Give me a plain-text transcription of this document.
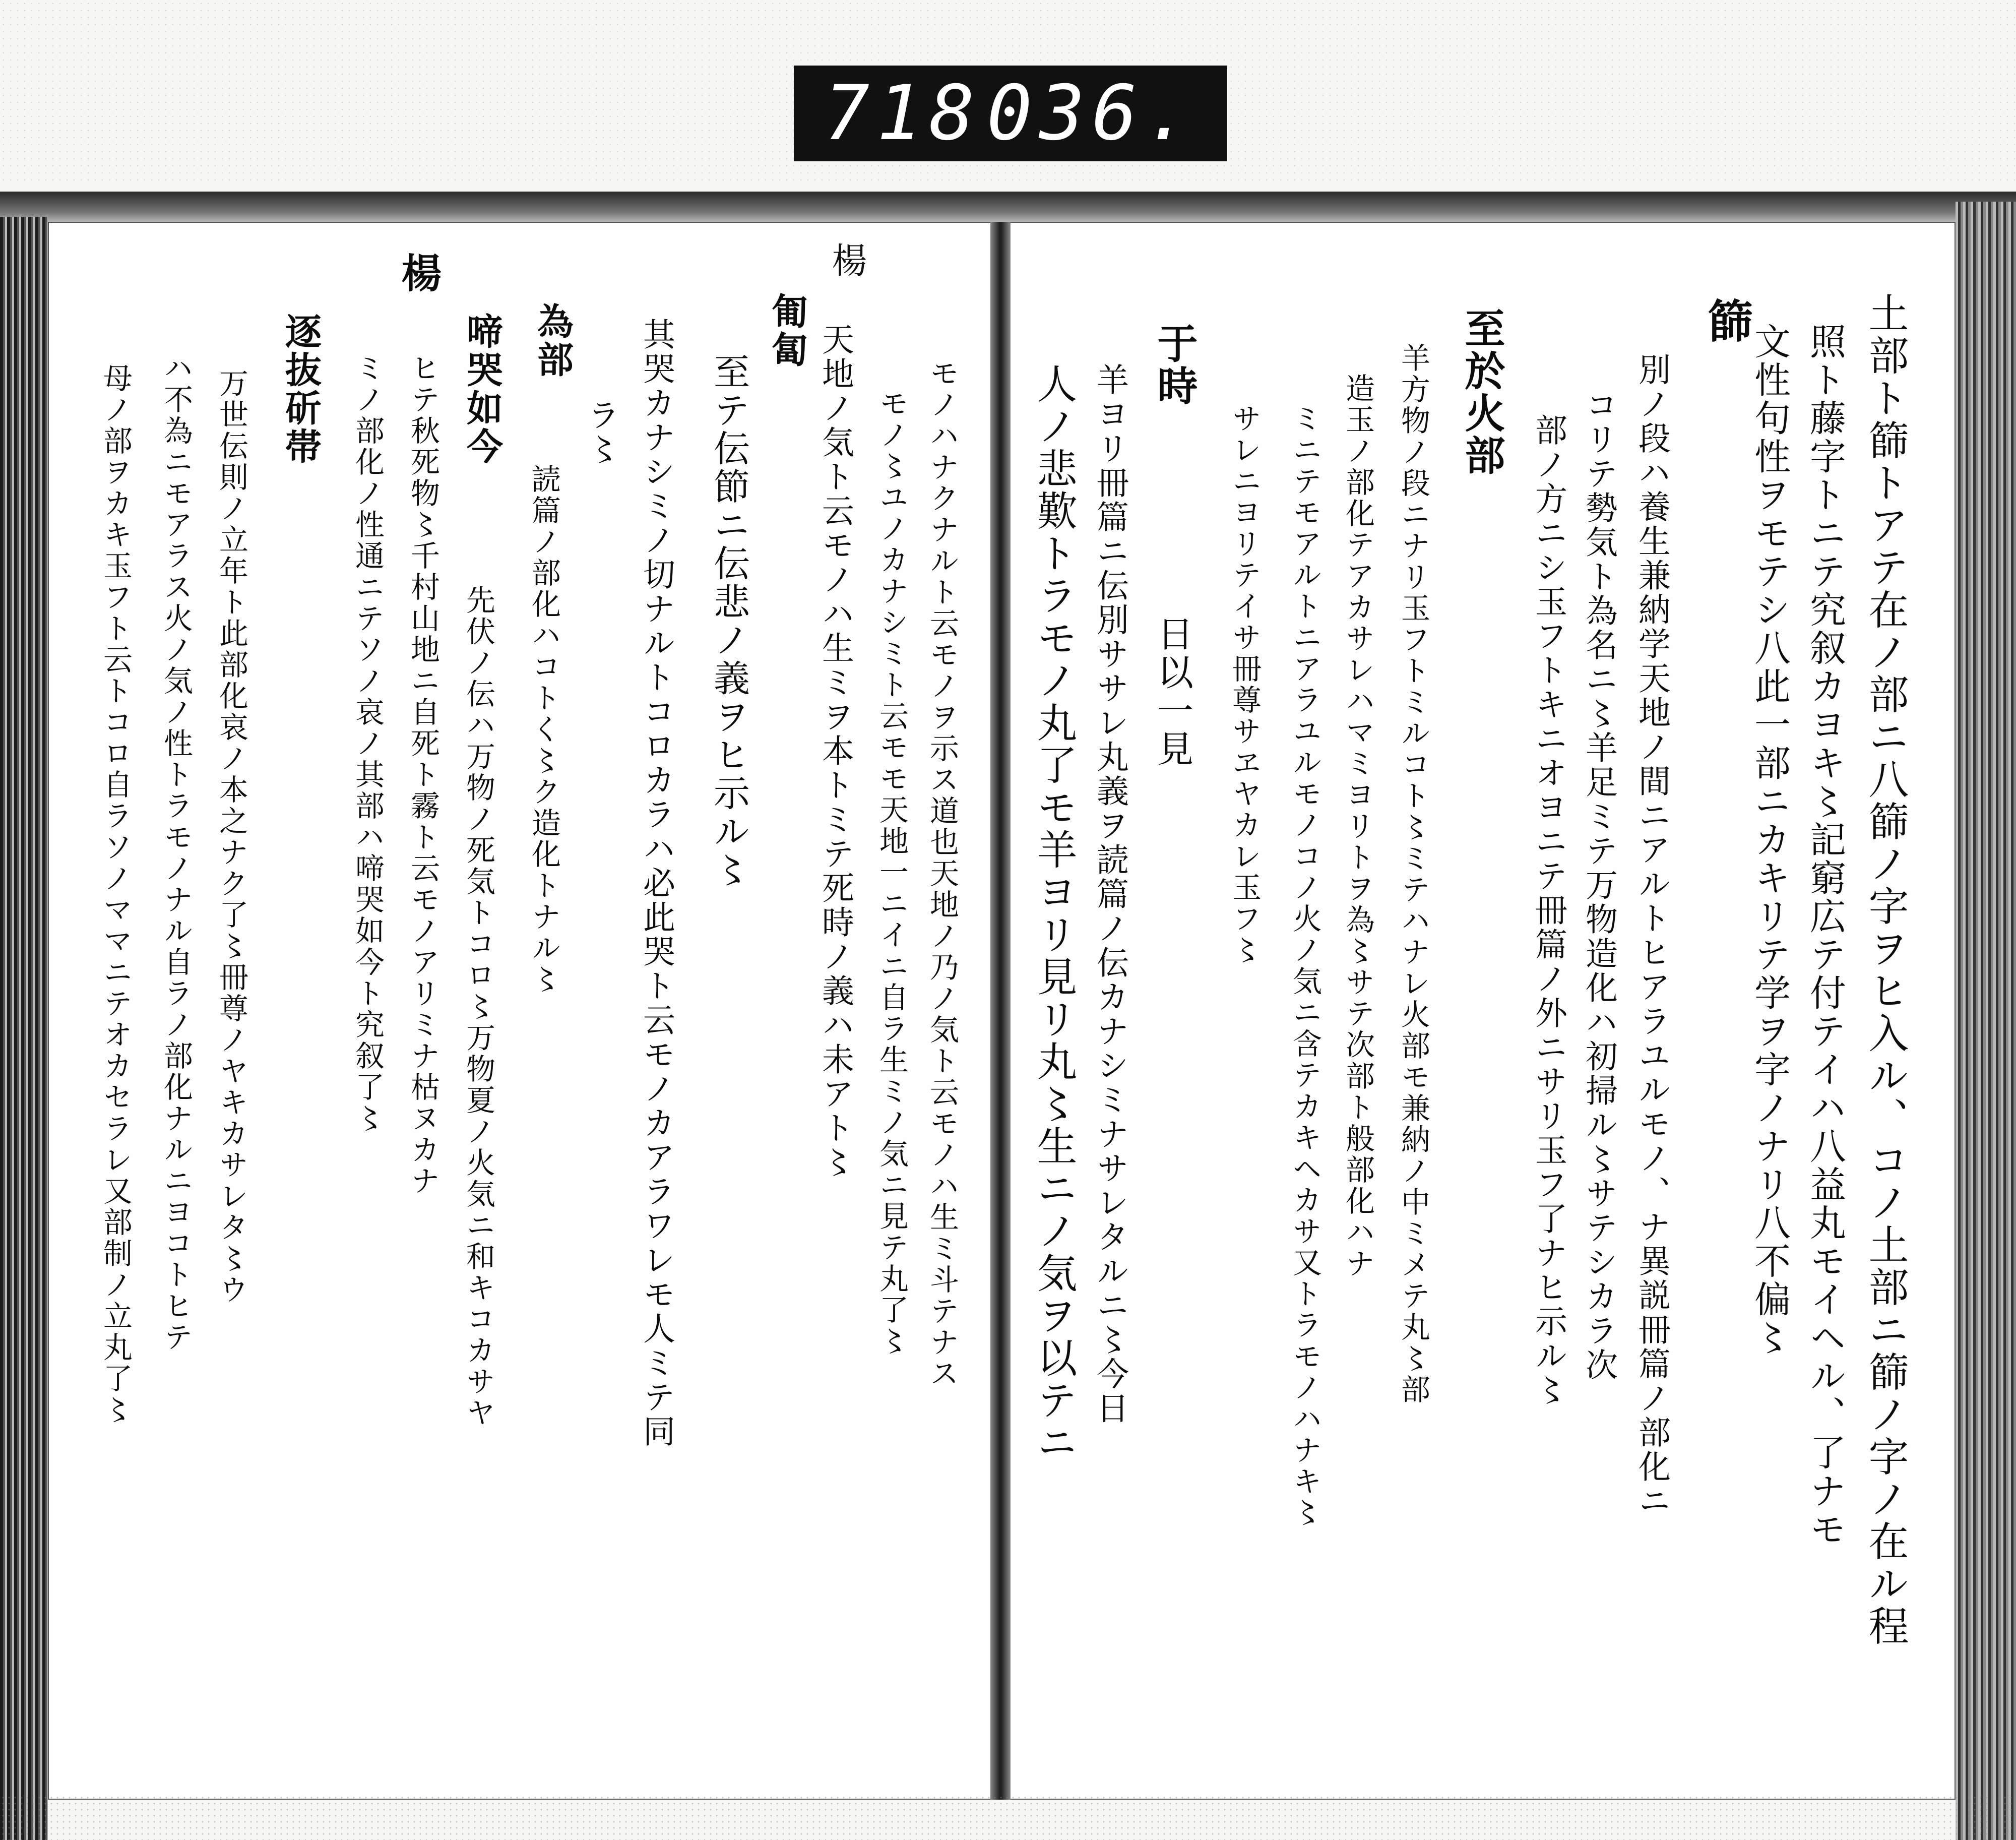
718 036.
楊
土部ト篩トアテ在ノ部ニ八篩ノ字ヲヒ入ル、コノ土部ニ篩ノ字ノ在ル程
照ト藤字トニテ究叙カヨキ〻記窮広テ付テイハ八益丸モイヘル、了ナモ
文性句性ヲモテシ八此一部ニカキリテ学ヲ字ノナリ八不偏〻
篩
別ノ段ハ養生兼納学天地ノ間ニアルトヒアラユルモノ、ナ異説冊篇ノ部化ニ
コリテ勢気ト為名ニ〻羊足ミテ万物造化ハ初掃ル〻サテシカラ次
部ノ方ニシ玉フトキニオヨニテ冊篇ノ外ニサリ玉フ了ナヒ示ル〻
至於火部
羊方物ノ段ニナリ玉フトミルコト〻ミテハナレ火部モ兼納ノ中ミメテ丸〻部
造玉ノ部化テアカサレハマミヨリトヲ為〻サテ次部ト般部化ハナ
ミニテモアルトニアラユルモノコノ火ノ気ニ含テカキヘカサ又トラモノハナキ〻
サレニヨリテイサ冊尊サヱヤカレ玉フ〻
于時
日以一見
羊ヨリ冊篇ニ伝別ササレ丸義ヲ読篇ノ伝カナシミナサレタルニ〻今日
人ノ悲歎トラモノ丸了モ羊ヨリ見リ丸〻生ニノ気ヲ以テニ
モノハナクナルト云モノヲ示ス道也天地ノ乃ノ気ト云モノハ生ミ斗テナス
モノ〻ユノカナシミト云モモ天地一ニイニ自ラ生ミノ気ニ見テ丸了〻
天地ノ気ト云モノハ生ミヲ本トミテ死時ノ義ハ未アト〻
匍匐
至テ伝節ニ伝悲ノ義ヲヒ示ル〻
其哭カナシミノ切ナルトコロカラハ必此哭ト云モノカアラワレモ人ミテ同
ラ〻
為部
読篇ノ部化ハコトく〻ク造化トナル〻
啼哭如今
先伏ノ伝ハ万物ノ死気トコロ〻万物夏ノ火気ニ和キコカサヤ
楊
ヒテ秋死物〻千村山地ニ自死ト霧ト云モノアリミナ枯ヌカナ
ミノ部化ノ性通ニテソノ哀ノ其部ハ啼哭如今ト究叙了〻
逐抜斫帯
万世伝則ノ立年ト此部化哀ノ本之ナク了〻冊尊ノヤキカサレタ〻ウ
ハ不為ニモアラス火ノ気ノ性トラモノナル自ラノ部化ナルニヨコトヒテ
母ノ部ヲカキ玉フト云トコロ自ラソノママニテオカセラレ又部制ノ立丸了〻
